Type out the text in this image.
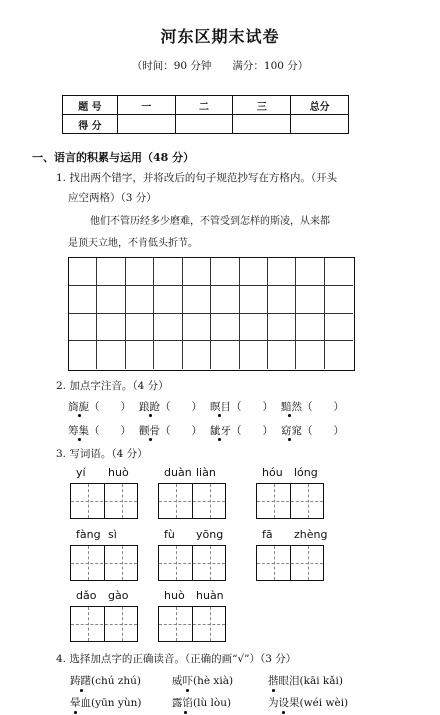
河东区期末试卷
（时间：90 分钟　　满分：100 分）
题 号	一	二	三	总分
得 分				
一、语言的积累与运用（48 分）
1. 找出两个错字，并将改后的句子规范抄写在方格内。（开头
应空两格）（3 分）
他们不管历经多少磨难，不管受到怎样的斯凌，从来都
是顶天立地，不肯低头折节。
2. 加点字注音。（4 分）
旖旎（　　） 踉跄（　　） 瞑目（　　） 黯然（　　）
筹集（　　） 颧骨（　　） 龇牙（　　） 窈窕（　　）
3. 写词语。（4 分）
yí huò	duàn liàn	hóu lóng
fàng sì	fù yōng	fā zhèng
dǎo gào	huò huàn
4. 选择加点字的正确读音。（正确的画“√”）（3 分）
踌躇(chú zhú)	威吓(hè xià)	揩眼泪(kāi kǎi)
晕血(yūn yùn)	露馅(lù lòu)	为设果(wéi wèi)
